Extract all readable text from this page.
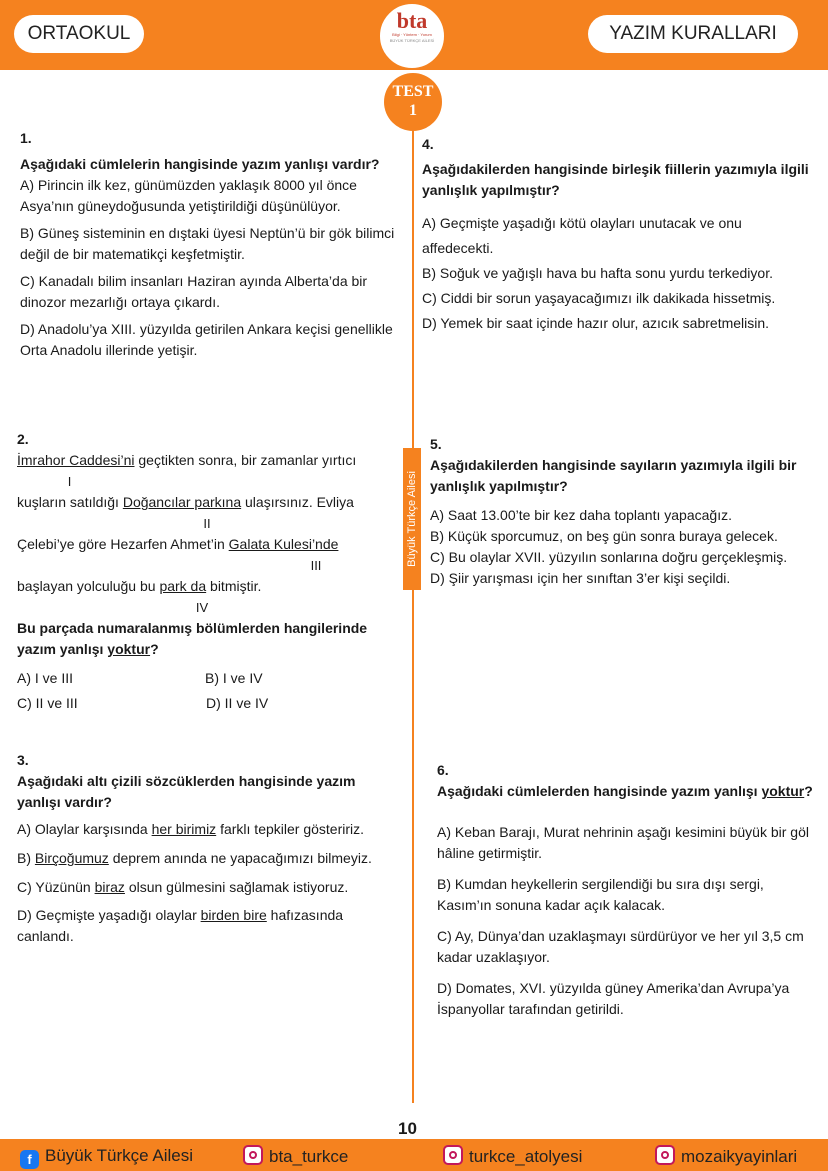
ORTAOKUL
bta
Bilgi · Yöntem · Yorum
BÜYÜK TÜRKÇE AİLESİ	YAZIM KURALLARI
TEST
1
Büyük Türkçe Ailesi

1.

Aşağıdaki cümlelerin hangisinde yazım yanlışı vardır?

A) Pirincin ilk kez, günümüzden yaklaşık 8000 yıl önce Asya’nın güneydoğusunda yetiştirildiği düşünülüyor.

B) Güneş sisteminin en dıştaki üyesi Neptün’ü bir gök bilimci değil de bir matematikçi keşfetmiştir.

C) Kanadalı bilim insanları Haziran ayında Alberta’da bir dinozor mezarlığı ortaya çıkardı.

D) Anadolu’ya XIII. yüzyılda getirilen Ankara keçisi genellikle Orta Anadolu illerinde yetişir.

2.

İmrahor Caddesi’ni geçtikten sonra, bir zamanlar yırtıcı

I

kuşların satıldığı Doğancılar parkına ulaşırsınız. Evliya

II

Çelebi’ye göre Hezarfen Ahmet’in Galata Kulesi’nde

III

başlayan yolculuğu bu park da bitmiştir.

IV

Bu parçada numaralanmış bölümlerden hangilerinde yazım yanlışı yoktur?

A) I ve III	B) I ve IV
C) II ve III	D) II ve IV

3.

Aşağıdaki altı çizili sözcüklerden hangisinde yazım yanlışı vardır?

A) Olaylar karşısında her birimiz farklı tepkiler gösteririz.

B) Birçoğumuz deprem anında ne yapacağımızı bilmeyiz.

C) Yüzünün biraz olsun gülmesini sağlamak istiyoruz.

D) Geçmişte yaşadığı olaylar birden bire hafızasında canlandı.

4.

Aşağıdakilerden hangisinde birleşik fiillerin yazımıyla ilgili yanlışlık yapılmıştır?

A) Geçmişte yaşadığı kötü olayları unutacak ve onu affedecekti.

B) Soğuk ve yağışlı hava bu hafta sonu yurdu terkediyor.

C) Ciddi bir sorun yaşayacağımızı ilk dakikada hissetmiş.

D) Yemek bir saat içinde hazır olur, azıcık sabretmelisin.

5.

Aşağıdakilerden hangisinde sayıların yazımıyla ilgili bir yanlışlık yapılmıştır?

A) Saat 13.00’te bir kez daha toplantı yapacağız.

B) Küçük sporcumuz, on beş gün sonra buraya gelecek.

C) Bu olaylar XVII. yüzyılın sonlarına doğru gerçekleşmiş.

D) Şiir yarışması için her sınıftan 3’er kişi seçildi.

6.

Aşağıdaki cümlelerden hangisinde yazım yanlışı yoktur?

A) Keban Barajı, Murat nehrinin aşağı kesimini büyük bir göl hâline getirmiştir.

B) Kumdan heykellerin sergilendiği bu sıra dışı sergi, Kasım’ın sonuna kadar açık kalacak.

C) Ay, Dünya’dan uzaklaşmayı sürdürüyor ve her yıl 3,5 cm kadar uzaklaşıyor.

D) Domates, XVI. yüzyılda güney Amerika’dan Avrupa’ya İspanyollar tarafından getirildi.

10
f Büyük Türkçe Ailesi	bta_turkce	turkce_atolyesi	mozaikyayinlari
